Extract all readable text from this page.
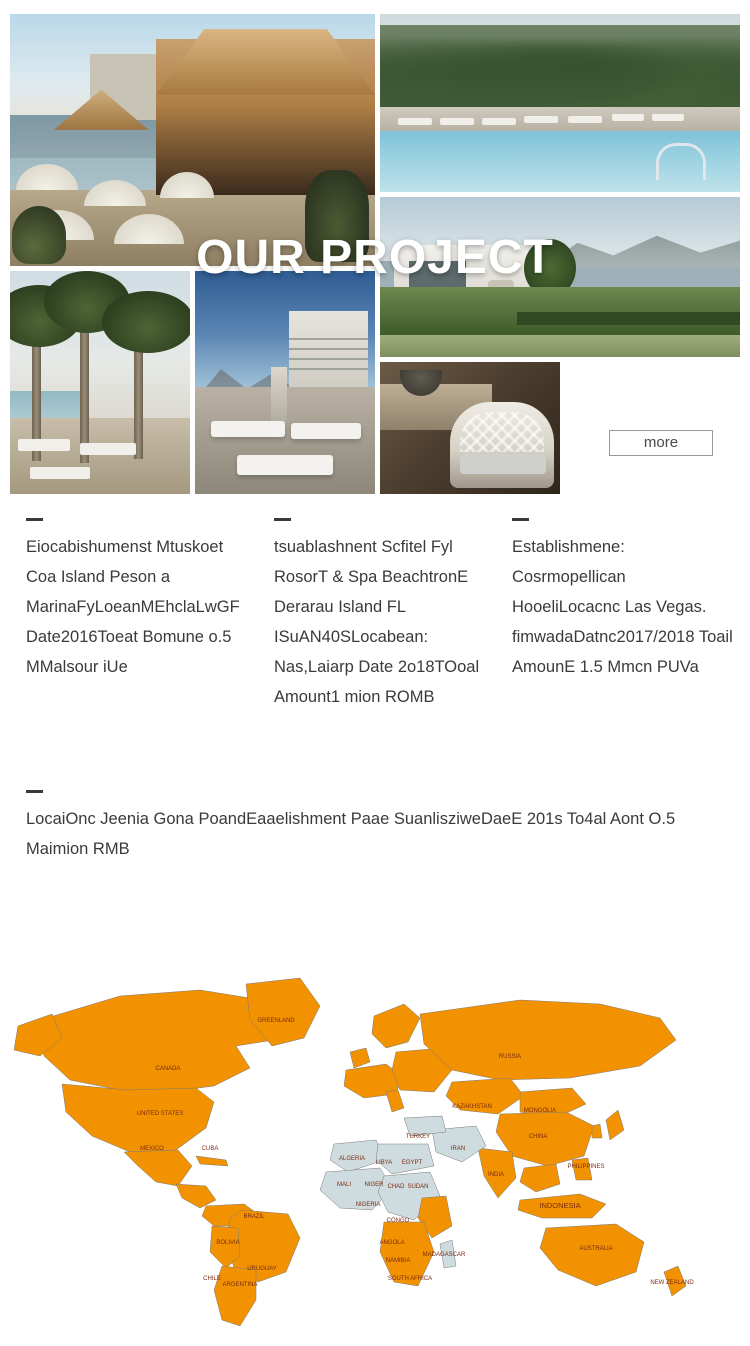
OUR PROJECT
more
Eiocabishumenst Mtuskoet Coa Island Peson a MarinaFyLoeanMEhclaLwGF Date2016Toeat Bomune o.5 MMalsour iUe
tsuablashnent Scfitel Fyl RosorT & Spa BeachtronE Derarau Island FL ISuAN40SLocabean: Nas,Laiarp Date 2o18TOoal Amount1 mion ROMB
Establishmene: Cosrmopellican HooeliLocacnc Las Vegas. fimwadaDatnc2017/2018 Toail AmounE 1.5 Mmcn PUVa
LocaiOnc Jeenia Gona PoandEaaelishment Paae SuanlisziweDaeE 201s To4al Aont O.5 Maimion RMB
GREENLAND
CANADA
UNITED STATES
MEXICO	CUBA
BRAZIL
BOLIVIA
CHILE
ARGENTINA
URUGUAY
RUSSIA
KAZAKHSTAN
MONGOLIA
CHINA
INDIA
IRAN
TURKEY
EGYPT
LIBYA
ALGERIA
MALI NIGER CHAD SUDAN
NIGERIA
CONGO
ANGOLA
NAMIBIA
SOUTH AFRICA
MADAGASCAR
PHILIPPINES
INDONESIA
AUSTRALIA
NEW ZEALAND
